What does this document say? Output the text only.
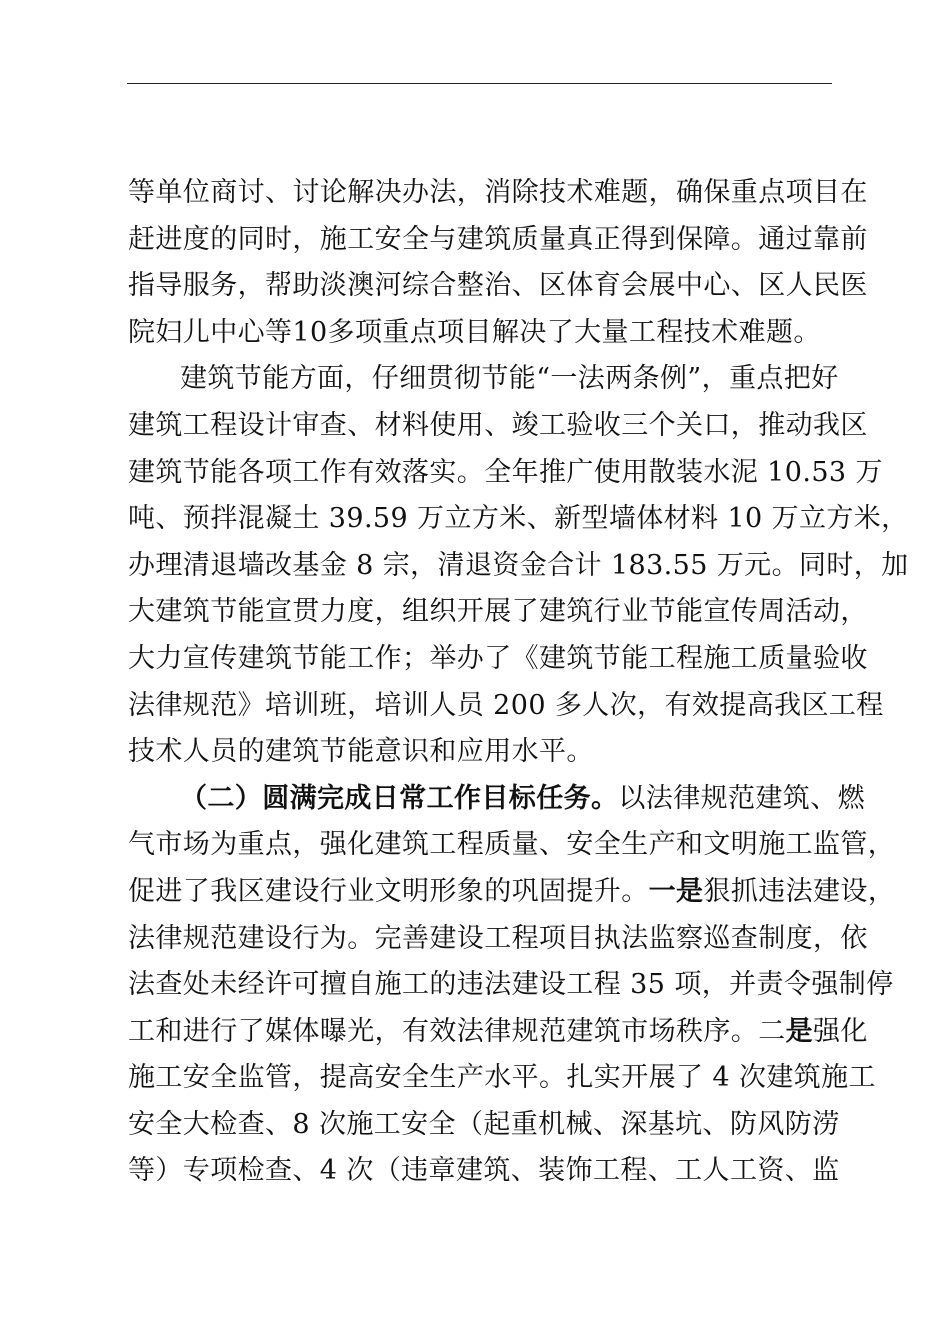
等单位商讨、讨论解决办法，消除技术难题，确保重点项目在
赶进度的同时，施工安全与建筑质量真正得到保障。通过靠前
指导服务，帮助淡澳河综合整治、区体育会展中心、区人民医
院妇儿中心等10多项重点项目解决了大量工程技术难题。
建筑节能方面，仔细贯彻节能“一法两条例”，重点把好
建筑工程设计审查、材料使用、竣工验收三个关口，推动我区
建筑节能各项工作有效落实。全年推广使用散装水泥 10.53 万
吨、预拌混凝土 39.59 万立方米、新型墙体材料 10 万立方米，
办理清退墙改基金 8 宗，清退资金合计 183.55 万元。同时，加
大建筑节能宣贯力度，组织开展了建筑行业节能宣传周活动，
大力宣传建筑节能工作；举办了《建筑节能工程施工质量验收
法律规范》培训班，培训人员 200 多人次，有效提高我区工程
技术人员的建筑节能意识和应用水平。
（二）圆满完成日常工作目标任务。以法律规范建筑、燃
气市场为重点，强化建筑工程质量、安全生产和文明施工监管，
促进了我区建设行业文明形象的巩固提升。一是狠抓违法建设，
法律规范建设行为。完善建设工程项目执法监察巡查制度，依
法查处未经许可擅自施工的违法建设工程 35 项，并责令强制停
工和进行了媒体曝光，有效法律规范建筑市场秩序。二是强化
施工安全监管，提高安全生产水平。扎实开展了 4 次建筑施工
安全大检查、8 次施工安全（起重机械、深基坑、防风防涝
等）专项检查、4 次（违章建筑、装饰工程、工人工资、监
